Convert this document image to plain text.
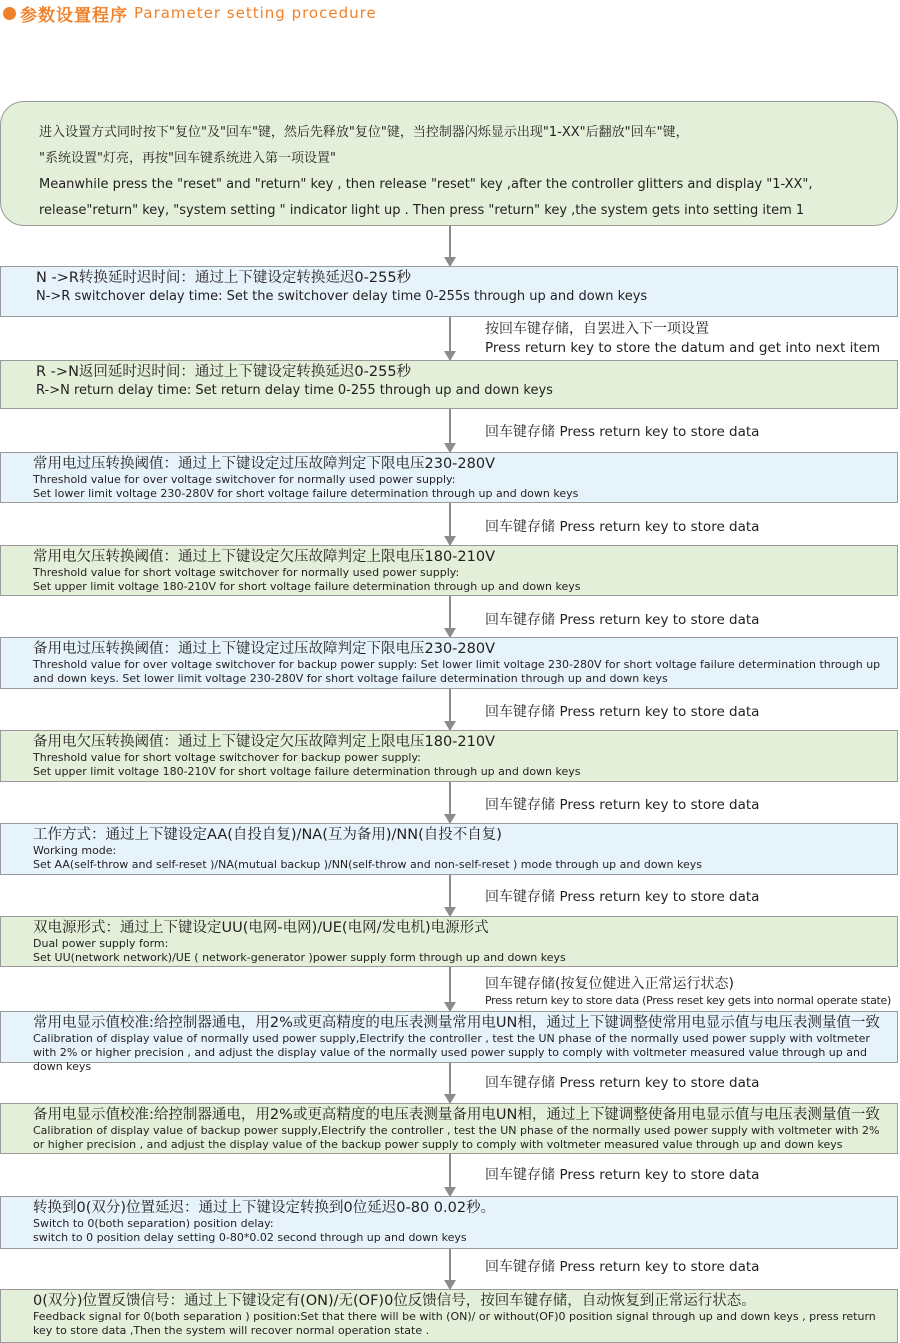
参数设置程序 Parameter setting procedure
进入设置方式同时按下"复位"及"回车"键，然后先释放"复位"键，当控制器闪烁显示出现"1-XX"后翻放"回车"键，
"系统设置"灯亮，再按"回车键系统进入第一项设置"
Meanwhile press the "reset" and "return" key , then release "reset" key ,after the controller glitters and display "1-XX",
release"return" key, "system setting " indicator light up . Then press "return" key ,the system gets into setting item 1
N ->R转换延时迟时间：通过上下键设定转换延迟0-255秒
N->R switchover delay time: Set the switchover delay time 0-255s through up and down keys
按回车键存储，自罢进入下一项设置
Press return key to store the datum and get into next item
R ->N返回延时迟时间：通过上下键设定转换延迟0-255秒
R->N return delay time: Set return delay time 0-255 through up and down keys
回车键存储 Press return key to store data
常用电过压转换阈值：通过上下键设定过压故障判定下限电压230-280V
Threshold value for over voltage switchover for normally used power supply:
Set lower limit voltage 230-280V for short voltage failure determination through up and down keys
回车键存储 Press return key to store data
常用电欠压转换阈值：通过上下键设定欠压故障判定上限电压180-210V
Threshold value for short voltage switchover for normally used power supply:
Set upper limit voltage 180-210V for short voltage failure determination through up and down keys
回车键存储 Press return key to store data
备用电过压转换阈值：通过上下键设定过压故障判定下限电压230-280V
Threshold value for over voltage switchover for backup power supply: Set lower limit voltage 230-280V for short voltage failure determination through up and down keys. Set lower limit voltage 230-280V for short voltage failure determination through up and down keys
回车键存储 Press return key to store data
备用电欠压转换阈值：通过上下键设定欠压故障判定上限电压180-210V
Threshold value for short voltage switchover for backup power supply:
Set upper limit voltage 180-210V for short voltage failure determination through up and down keys
回车键存储 Press return key to store data
工作方式：通过上下键设定AA(自投自复)/NA(互为备用)/NN(自投不自复)
Working mode:
Set AA(self-throw and self-reset )/NA(mutual backup )/NN(self-throw and non-self-reset ) mode through up and down keys
回车键存储 Press return key to store data
双电源形式：通过上下键设定UU(电网-电网)/UE(电网/发电机)电源形式
Dual power supply form:
Set UU(network network)/UE ( network-generator )power supply form through up and down keys
回车键存储(按复位健进入正常运行状态)
Press return key to store data (Press reset key gets into normal operate state)
常用电显示值校准:给控制器通电，用2%或更高精度的电压表测量常用电UN相，通过上下键调整使常用电显示值与电压表测量值一致
Calibration of display value of normally used power supply,Electrify the controller , test the UN phase of the normally used power supply with voltmeter with 2% or higher precision , and adjust the display value of the normally used power supply to comply with voltmeter measured value through up and down keys
回车键存储 Press return key to store data
备用电显示值校准:给控制器通电，用2%或更高精度的电压表测量备用电UN相，通过上下键调整使备用电显示值与电压表测量值一致
Calibration of display value of backup power supply,Electrify the controller , test the UN phase of the normally used power supply with voltmeter with 2% or higher precision , and adjust the display value of the backup power supply to comply with voltmeter measured value through up and down keys
回车键存储 Press return key to store data
转换到0(双分)位置延迟：通过上下键设定转换到0位延迟0-80 0.02秒。
Switch to 0(both separation) position delay:
switch to 0 position delay setting 0-80*0.02 second through up and down keys
回车键存储 Press return key to store data
0(双分)位置反馈信号：通过上下键设定有(ON)/无(OF)0位反馈信号，按回车键存储，自动恢复到正常运行状态。
Feedback signal for 0(both separation ) position:Set that there will be with (ON)/ or without(OF)0 position signal through up and down keys , press return key to store data ,Then the system will recover normal operation state .
